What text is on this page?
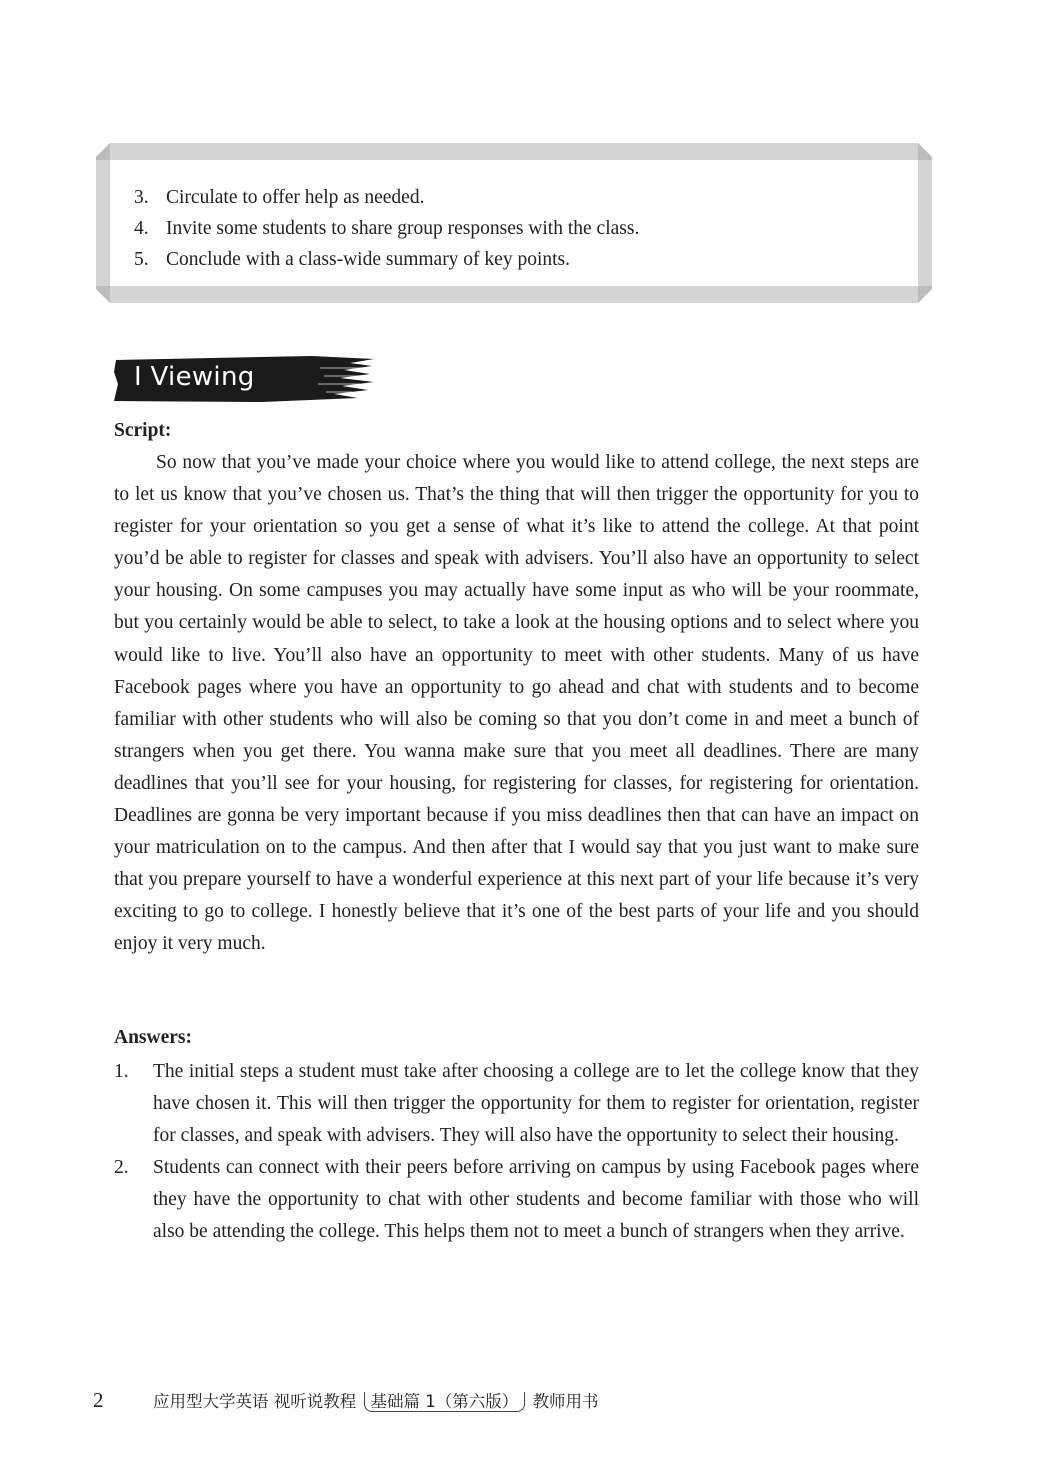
3. Circulate to offer help as needed.
4. Invite some students to share group responses with the class.
5. Conclude with a class-wide summary of key points.
I Viewing
Script:

So now that you’ve made your choice where you would like to attend college, the next steps are to let us know that you’ve chosen us. That’s the thing that will then trigger the opportunity for you to register for your orientation so you get a sense of what it’s like to attend the college. At that point you’d be able to register for classes and speak with advisers. You’ll also have an opportunity to select your housing. On some campuses you may actually have some input as who will be your roommate, but you certainly would be able to select, to take a look at the housing options and to select where you would like to live. You’ll also have an opportunity to meet with other students. Many of us have Facebook pages where you have an opportunity to go ahead and chat with students and to become familiar with other students who will also be coming so that you don’t come in and meet a bunch of strangers when you get there. You wanna make sure that you meet all deadlines. There are many deadlines that you’ll see for your housing, for registering for classes, for registering for orientation. Deadlines are gonna be very important because if you miss deadlines then that can have an impact on your matriculation on to the campus. And then after that I would say that you just want to make sure that you prepare yourself to have a wonderful experience at this next part of your life because it’s very exciting to go to college. I honestly believe that it’s one of the best parts of your life and you should enjoy it very much.

Answers:
1. The initial steps a student must take after choosing a college are to let the college know that they have chosen it. This will then trigger the opportunity for them to register for orientation, register for classes, and speak with advisers. They will also have the opportunity to select their housing.
2. Students can connect with their peers before arriving on campus by using Facebook pages where they have the opportunity to chat with other students and become familiar with those who will also be attending the college. This helps them not to meet a bunch of strangers when they arrive.
2	应用型大学英语 视听说教程 基础篇 1（第六版） 教师用书
